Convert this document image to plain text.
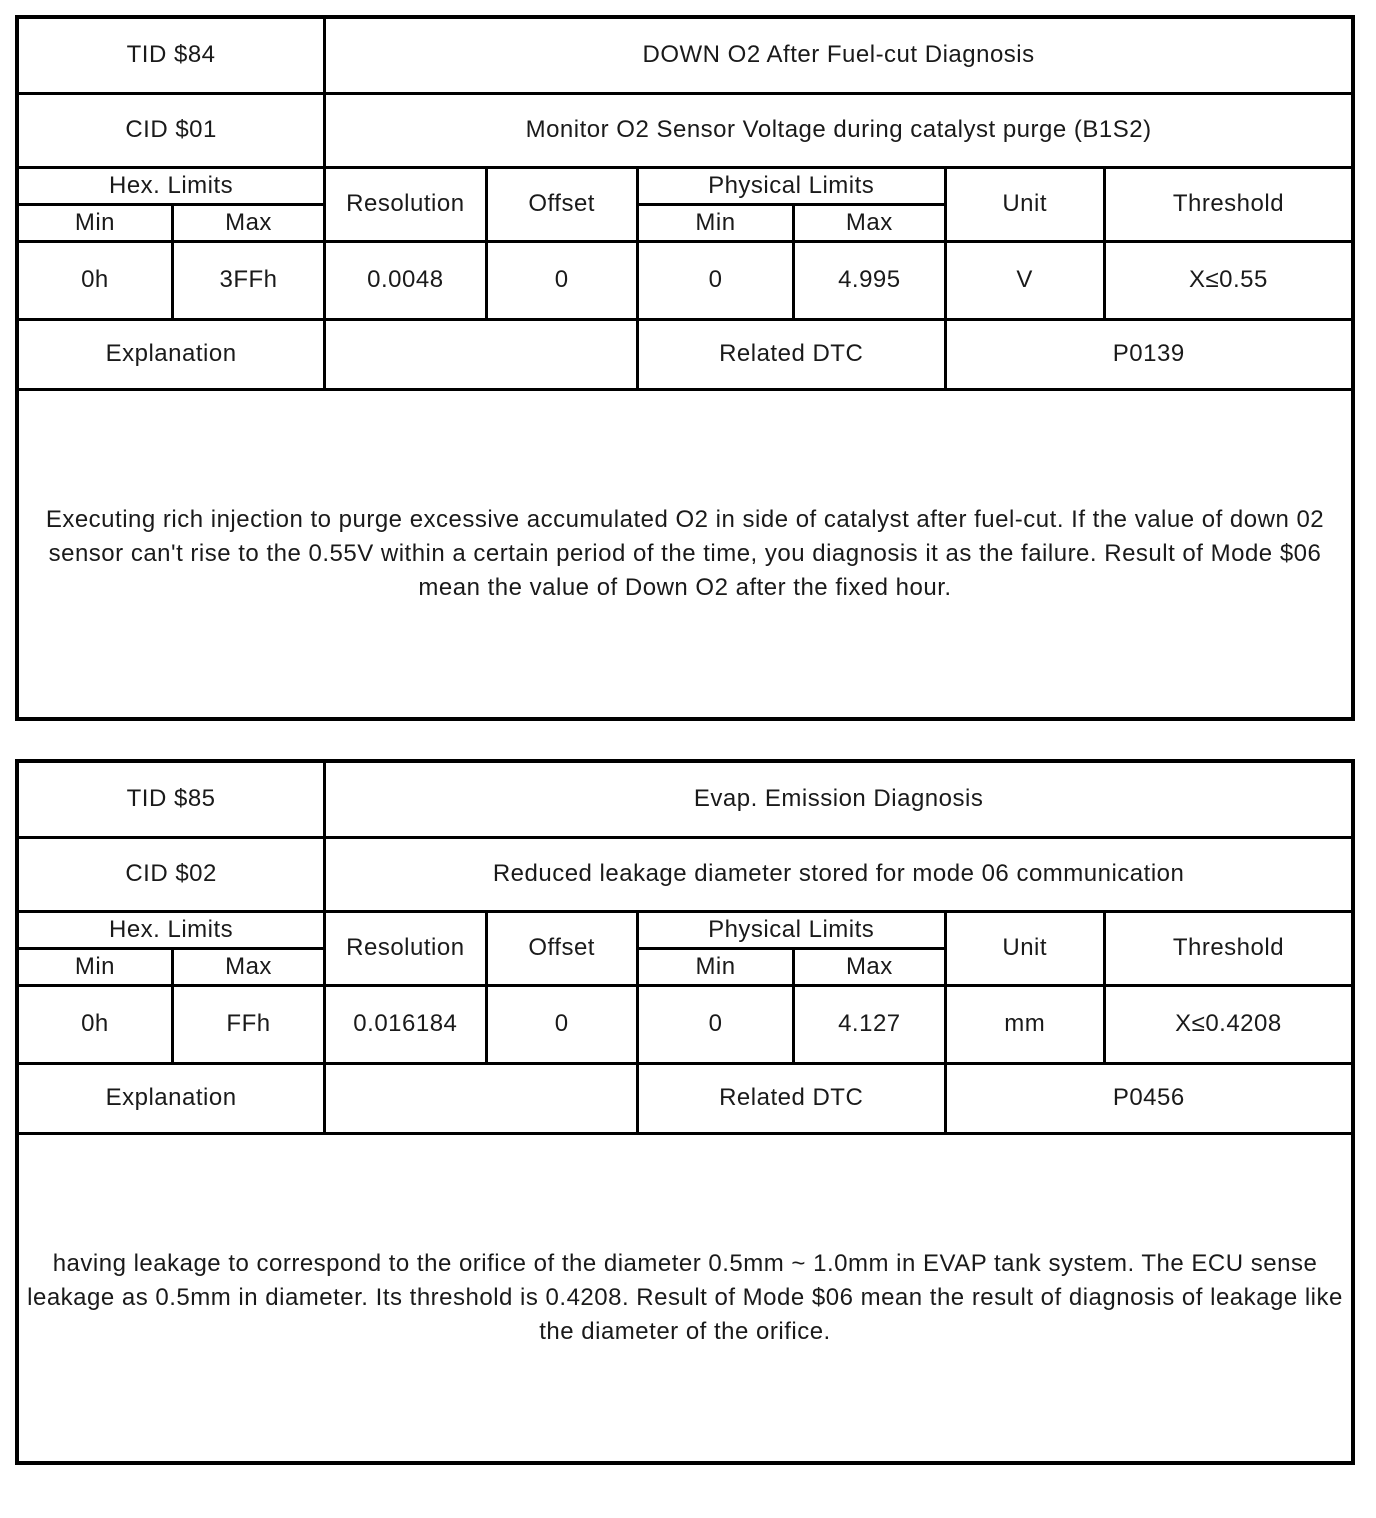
TID $84		DOWN O2 After Fuel-cut Diagnosis					
CID $01		Monitor O2 Sensor Voltage during catalyst purge (B1S2)					
Hex. Limits		Resolution	Offset	Physical Limits		Unit	Threshold
Min	Max			Min	Max		
0h	3FFh	0.0048	0	0	4.995	V	X≤0.55
Explanation				Related DTC		P0139	
Executing rich injection to purge excessive accumulated O2 in side of catalyst after fuel-cut. If the value of down 02 sensor can't rise to the 0.55V within a certain period of the time, you diagnosis it as the failure. Result of Mode $06 mean the value of Down O2 after the fixed hour.							
TID $85		Evap. Emission Diagnosis					
CID $02		Reduced leakage diameter stored for mode 06 communication					
Hex. Limits		Resolution	Offset	Physical Limits		Unit	Threshold
Min	Max			Min	Max		
0h	FFh	0.016184	0	0	4.127	mm	X≤0.4208
Explanation				Related DTC		P0456	
having leakage to correspond to the orifice of the diameter 0.5mm ~ 1.0mm in EVAP tank system. The ECU sense leakage as 0.5mm in diameter. Its threshold is 0.4208. Result of Mode $06 mean the result of diagnosis of leakage like the diameter of the orifice.							
